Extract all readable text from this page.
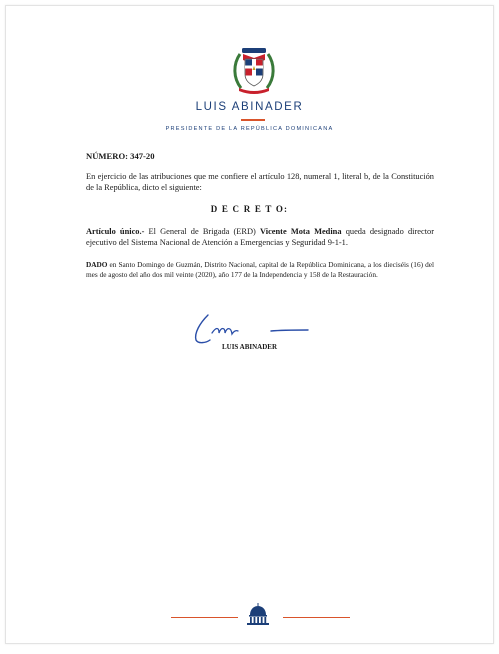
LUIS ABINADER
PRESIDENTE DE LA REPÚBLICA DOMINICANA
NÚMERO: 347-20

En ejercicio de las atribuciones que me confiere el artículo 128, numeral 1, literal b, de la Constitución de la República, dicto el siguiente:

D E C R E T O:

Artículo único.- El General de Brigada (ERD) Vicente Mota Medina queda designado director ejecutivo del Sistema Nacional de Atención a Emergencias y Seguridad 9-1-1.

DADO en Santo Domingo de Guzmán, Distrito Nacional, capital de la República Dominicana, a los dieciséis (16) del mes de agosto del año dos mil veinte (2020), año 177 de la Independencia y 158 de la Restauración.

LUIS ABINADER
